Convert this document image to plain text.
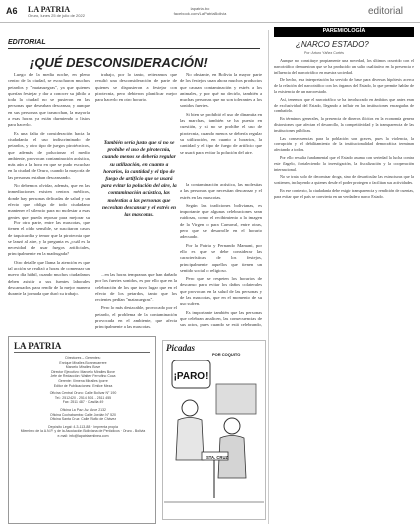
A6 LA PATRIA
Oruro, lunes 25 de julio de 2022
lapatria.bo
facebook.com/LaPatriaBolivia	editorial
EDITORIAL
¡QUÉ DESCONSIDERACIÓN!

Luego de la media noche, en pleno centro de la ciudad, se escucharon muchos petardos y "matasuegras", ya que quienes querían festejar y dar a conocer su júbilo a toda la ciudad no se pusieron en las personas que deseaban descansar, y aunque en sus personas que trasnochan, la mayoría a esas horas ya están durmiendo o listos para hacerlo.

Es una falta de consideración hacia la ciudadanía el uso indiscriminado de petardos, y otro tipo de juegos pirotécnicos, que además de polucionar el medio ambiente, provocan contaminación acústica, más aún a la hora en que se pudo escuchar en la ciudad de Oruro, cuando la mayoría de las personas estaban descansando.

No debemos olvidar, además, que en las inmediaciones existen centros médicos, donde hay personas delicadas de salud y un efecto que obliga de todo ciudadano mantener el silencio para no molestar a esas gentes que pueda reposar para mejorar su

Por otra parte, entre las mascotas, que tienen el oído sensible, se suscitaron casos de taquicardia y temor que la pirotecnia que se lanzó al aire, y la pregunta es ¿cuál es la necesidad de usar fuegos artificiales, principalmente en la madrugada?

Otro detalle que llama la atención es que tal acción se realizó a horas de comenzar un nuevo día hábil, cuando muchos ciudadanos deben asistir a sus fuentes laborales descansados para rendir de la mejor manera durante la jornada que duró su trabajo.

trabajo, por lo tanto, reiteramos que resultó una desconsideración de parte de quienes se dispusieron a festejar con pirotecnia, pero debieron planificar mejor para hacerlo en otro horario.

También sería justo que si no se prohíbe el uso de pirotecnia, cuando menos se debería regular su utilización, en cuanto a horarios, la cantidad y el tipo de fuego de artificio que se usará para evitar la polución del aire, la contaminación acústica, las molestias a las personas que necesitan descansar y el estrés en las mascotas.

...en las horas tempranas que han dañado por los fuertes sonidos, es por ello que en la celebración de los que tuvo lugar que en el efecto de los petardos, tanto que los recientes pedían "matasuegras".

Pero lo más destacable, provocado por el petardo, el problema de la contaminación provocada en el ambiente, que afecta principalmente a las mascotas.

No obstante, en Bolivia la mayor parte de los festejos usan ahora muchos productos que causan contaminación y estrés a los animales, y por qué no decirlo, también a muchas personas que no son tolerantes a los sonidos fuertes.

Si bien se prohibió el uso de dinamita en las marchas, también se ha puesto en cuestión, y si no se prohíbe el uso de pirotecnia, cuando menos se debería regular su utilización, en cuanto a horarios, la cantidad y el tipo de fuego de artificio que se usará para evitar la polución del aire.

la contaminación acústica, las molestias a las personas que necesitan descansar y el estrés en las mascotas.

Según las tradiciones bolivianas, es importante que algunas celebraciones sean ruidosas, como el recibimiento a la imagen de la Virgen o para Carnaval, entre otras, pero que se desarrolle en el horario adecuado.

Por la Patria y Fernando Mamani, por ello es que se debe considerar las características de los festejos, principalmente aquellos que tienen un sentido social o religioso.

Pero que se respeten los horarios de descanso para evitar los daños colaterales que provocan en la salud de las personas y de las mascotas, que en el momento de su uso sufren.

Es importante también que las personas que celebran analicen, las consecuencias de sus actos, pues cuando se está celebrando,

LA PATRIA
Directores – Gerentes:
Enrique Miralles Bonnecarrere
Marcelo Miralles Bove
Director Ejecutivo: Marcelo Miralles Bove
Jefe de Redacción: Walter Ferrufino Coca
Gerente: Ximena Miralles Iporre
Editor de Publicaciones: Emilce Meza
Oficina Central Oruro: Calle Bolívar N° 190
Tel.: 2512420 - 2514 501 - 2511 455
Fax: 2511 487 · Casilla 49
Oficina La Paz: Av. Arce 2132
Oficina Cochabamba: Calle Jordán N° 520
Oficina Santa Cruz: Calle Ñuflo de Chávez
Depósito Legal: 4-3-113-88 · Imprenta propia
Miembro de la A.N.P. y de la Asociación Boliviana de Periódicos · Oruro - Bolivia
e-mail: info@lapatriaenlinea.com
Picadas
POR COQUITO
¡PARO!
STA. CRUZ
PAREMIOLOGÍA
¿NARCO ESTADO?
Por: Arturo Yáñez Cortés

Aunque no constituye propiamente una novedad, los últimos ocurrido con el narcotráfico demuestran que se ha producido un salto cualitativo en la presencia e influencia del narcotráfico en nuestra sociedad.

De hecho, esa interpretación ha servido de base para diversas hipótesis acerca de la relación del narcotráfico con los órganos del Estado, lo que permite hablar de la existencia de un narcoestado.

Así, tenemos que el narcotráfico se ha involucrado en ámbitos que antes eran de exclusividad del Estado, llegando a influir en las instituciones encargadas de combatirlo.

En términos generales, la presencia de dineros ilícitos en la economía genera distorsiones que afectan el desarrollo, la competitividad y la transparencia de las instituciones públicas.

Las consecuencias para la población son graves, pues la violencia, la corrupción y el debilitamiento de la institucionalidad democrática terminan afectando a todos.

Por ello resulta fundamental que el Estado asuma con seriedad la lucha contra este flagelo, fortaleciendo la investigación, la fiscalización y la cooperación internacional.

No se trata solo de decomisar droga, sino de desarticular las estructuras que la sostienen, incluyendo a quienes desde el poder protegen o facilitan sus actividades.

En ese contexto, la ciudadanía debe exigir transparencia y rendición de cuentas, para evitar que el país se convierta en un verdadero narco Estado.
